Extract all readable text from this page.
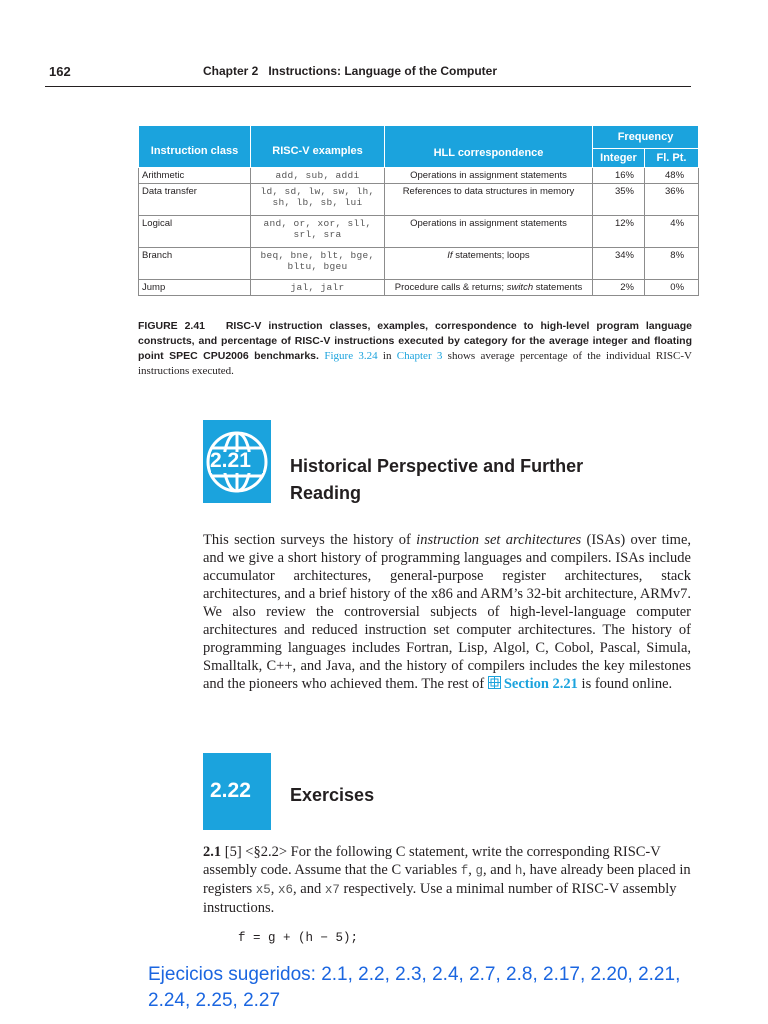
162	Chapter 2   Instructions: Language of the Computer
Instruction class	RISC-V examples	HLL correspondence	Frequency	
			Integer	Fl. Pt.
Arithmetic	add, sub, addi	Operations in assignment statements	16%	48%
Data transfer	ld, sd, lw, sw, lh, sh, lb, sb, lui	References to data structures in memory	35%	36%
Logical	and, or, xor, sll, srl, sra	Operations in assignment statements	12%	4%
Branch	beq, bne, blt, bge, bltu, bgeu	If statements; loops	34%	8%
Jump	jal, jalr	Procedure calls & returns; switch statements	2%	0%
FIGURE 2.41 RISC-V instruction classes, examples, correspondence to high-level program language constructs, and percentage of RISC-V instructions executed by category for the average integer and floating point SPEC CPU2006 benchmarks. Figure 3.24 in Chapter 3 shows average percentage of the individual RISC-V instructions executed.
2.21 Historical Perspective and Further
Reading
This section surveys the history of instruction set architectures (ISAs) over time, and we give a short history of programming languages and compilers. ISAs include accumulator architectures, general-purpose register architectures, stack architectures, and a brief history of the x86 and ARM’s 32-bit architecture, ARMv7. We also review the controversial subjects of high-level-language computer architectures and reduced instruction set computer architectures. The history of programming languages includes Fortran, Lisp, Algol, C, Cobol, Pascal, Simula, Smalltalk, C++, and Java, and the history of compilers includes the key milestones and the pioneers who achieved them. The rest of Section 2.21 is found online.
2.22 Exercises
2.1 [5] <§2.2> For the following C statement, write the corresponding RISC-V assembly code. Assume that the C variables f, g, and h, have already been placed in registers x5, x6, and x7 respectively. Use a minimal number of RISC-V assembly instructions.
f = g + (h − 5);
Ejecicios sugeridos: 2.1, 2.2, 2.3, 2.4, 2.7, 2.8, 2.17, 2.20, 2.21, 2.24, 2.25, 2.27
